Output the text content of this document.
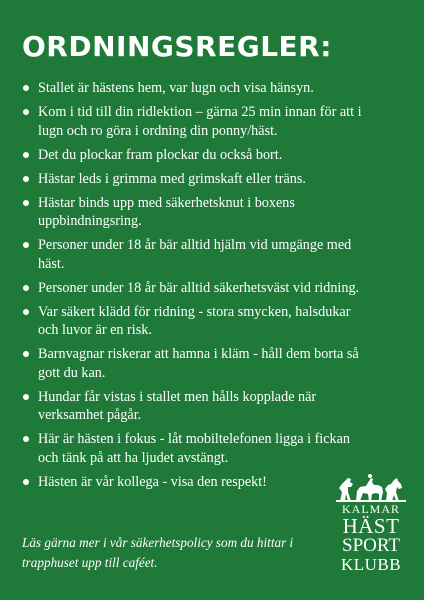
ORDNINGSREGLER:
Stallet är hästens hem, var lugn och visa hänsyn.
Kom i tid till din ridlektion – gärna 25 min innan för att i lugn och ro göra i ordning din ponny/häst.
Det du plockar fram plockar du också bort.
Hästar leds i grimma med grimskaft eller träns.
Hästar binds upp med säkerhetsknut i boxens uppbindningsring.
Personer under 18 år bär alltid hjälm vid umgänge med häst.
Personer under 18 år bär alltid säkerhetsväst vid ridning.
Var säkert klädd för ridning - stora smycken, halsdukar och luvor är en risk.
Barnvagnar riskerar att hamna i kläm - håll dem borta så gott du kan.
Hundar får vistas i stallet men hålls kopplade när verksamhet pågår.
Här är hästen i fokus - låt mobiltelefonen ligga i fickan och tänk på att ha ljudet avstängt.
Hästen är vår kollega - visa den respekt!

Läs gärna mer i vår säkerhetspolicy som du hittar i trapphuset upp till caféet.

KALMAR

HÄST

SPORT

KLUBB
